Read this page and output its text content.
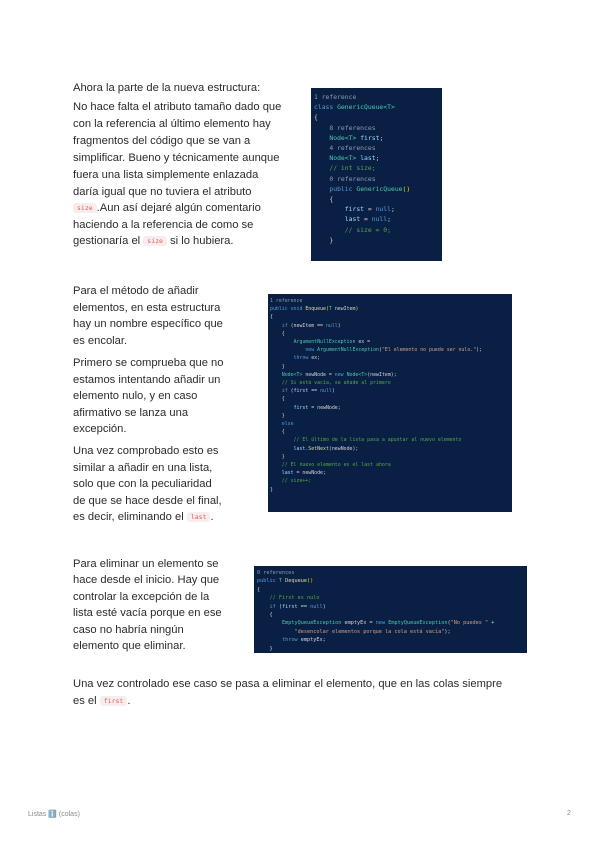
Ahora la parte de la nueva estructura:

No hace falta el atributo tamaño dado que

con la referencia al último elemento hay

fragmentos del código que se van a

simplificar. Bueno y técnicamente aunque

fuera una lista simplemente enlazada

daría igual que no tuviera el atributo

size .Aun así dejaré algún comentario

haciendo a la referencia de como se

gestionaría el size si lo hubiera.

1 reference
class GenericQueue<T>
{
8 references
Node<T> first;
4 references
Node<T> last;
// int size;
0 references
public GenericQueue()
{
first = null;
last = null;
// size = 0;
}

Para el método de añadir

elementos, en esta estructura

hay un nombre específico que

es encolar.

Primero se comprueba que no

estamos intentando añadir un

elemento nulo, y en caso

afirmativo se lanza una

excepción.

Una vez comprobado esto es

similar a añadir en una lista,

solo que con la peculiaridad

de que se hace desde el final,

es decir, eliminando el last .

1 reference
public void Enqueue(T newItem)
{
if (newItem == null)
{
ArgumentNullException ex =
new ArgumentNullException("El elemento no puede ser nulo.");
throw ex;
}
Node<T> newNode = new Node<T>(newItem);
// Si está vacía, se añade al primero
if (first == null)
{
first = newNode;
}
else
{
// El último de la lista pasa a apuntar al nuevo elemento
last.SetNext(newNode);
}
// El nuevo elemento es el last ahora
last = newNode;
// size++;
}

Para eliminar un elemento se

hace desde el inicio. Hay que

controlar la excepción de la

lista esté vacía porque en ese

caso no habría ningún

elemento que eliminar.

0 references
public T Dequeue()
{
// First es nulo
if (first == null)
{
EmptyQueueException emptyEx = new EmptyQueueException("No puedes " +
"desencolar elementos porque la cola está vacía");
throw emptyEx;
}

Una vez controlado ese caso se pasa a eliminar el elemento, que en las colas siempre

es el first .

Listas ℹ️ (colas)	2
